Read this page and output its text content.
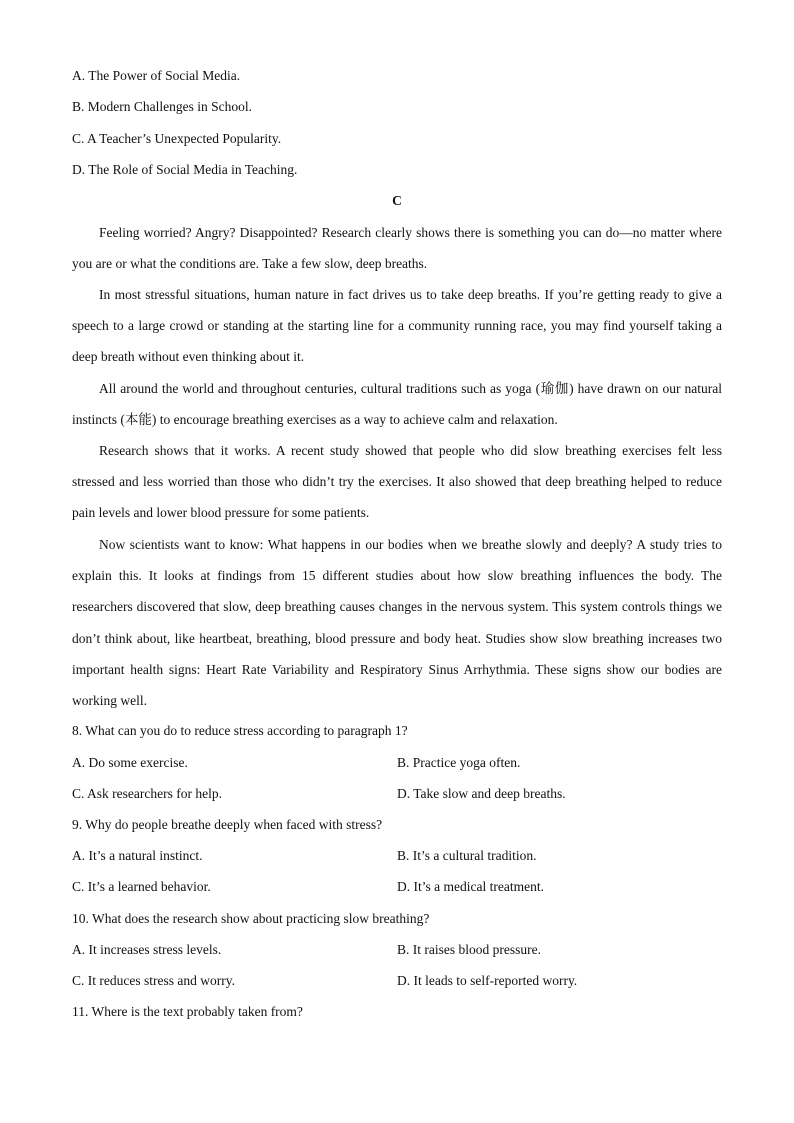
A. The Power of Social Media.
B. Modern Challenges in School.
C. A Teacher’s Unexpected Popularity.
D. The Role of Social Media in Teaching.
C
Feeling worried? Angry? Disappointed? Research clearly shows there is something you can do—no matter where you are or what the conditions are. Take a few slow, deep breaths.
In most stressful situations, human nature in fact drives us to take deep breaths. If you’re getting ready to give a speech to a large crowd or standing at the starting line for a community running race, you may find yourself taking a deep breath without even thinking about it.
All around the world and throughout centuries, cultural traditions such as yoga (瑜伽) have drawn on our natural instincts (本能) to encourage breathing exercises as a way to achieve calm and relaxation.
Research shows that it works. A recent study showed that people who did slow breathing exercises felt less stressed and less worried than those who didn’t try the exercises. It also showed that deep breathing helped to reduce pain levels and lower blood pressure for some patients.
Now scientists want to know: What happens in our bodies when we breathe slowly and deeply? A study tries to explain this. It looks at findings from 15 different studies about how slow breathing influences the body. The researchers discovered that slow, deep breathing causes changes in the nervous system. This system controls things we don’t think about, like heartbeat, breathing, blood pressure and body heat. Studies show slow breathing increases two important health signs: Heart Rate Variability and Respiratory Sinus Arrhythmia. These signs show our bodies are working well.
8. What can you do to reduce stress according to paragraph 1?
A. Do some exercise.	B. Practice yoga often.
C. Ask researchers for help.	D. Take slow and deep breaths.
9. Why do people breathe deeply when faced with stress?
A. It’s a natural instinct.	B. It’s a cultural tradition.
C. It’s a learned behavior.	D. It’s a medical treatment.
10. What does the research show about practicing slow breathing?
A. It increases stress levels.	B. It raises blood pressure.
C. It reduces stress and worry.	D. It leads to self-reported worry.
11. Where is the text probably taken from?
